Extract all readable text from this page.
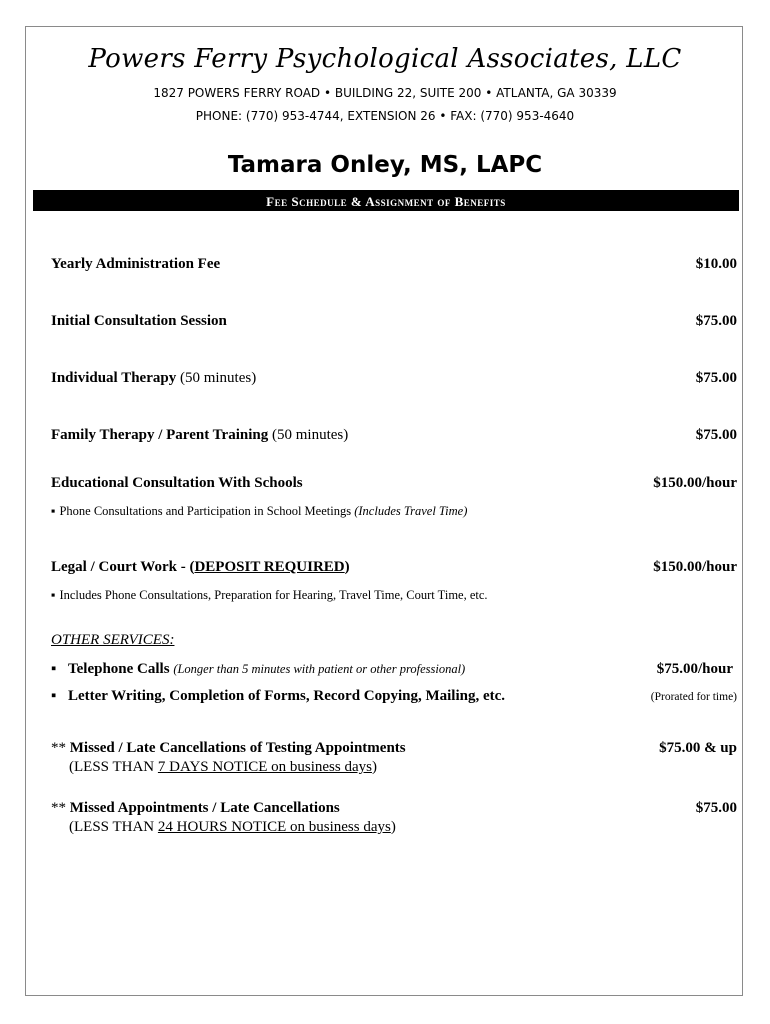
Powers Ferry Psychological Associates, LLC
1827 POWERS FERRY ROAD • BUILDING 22, SUITE 200 • ATLANTA, GA 30339
PHONE: (770) 953-4744, EXTENSION 26 • FAX: (770) 953-4640
Tamara Onley, MS, LAPC
Fee Schedule & Assignment of Benefits
Yearly Administration Fee	$10.00
Initial Consultation Session	$75.00
Individual Therapy (50 minutes)	$75.00
Family Therapy / Parent Training (50 minutes)	$75.00
Educational Consultation With Schools	$150.00/hour
▪ Phone Consultations and Participation in School Meetings (Includes Travel Time)
Legal / Court Work - (DEPOSIT REQUIRED)	$150.00/hour
▪ Includes Phone Consultations, Preparation for Hearing, Travel Time, Court Time, etc.
OTHER SERVICES:
▪ Telephone Calls (Longer than 5 minutes with patient or other professional)	$75.00/hour
▪ Letter Writing, Completion of Forms, Record Copying, Mailing, etc.	(Prorated for time)
** Missed / Late Cancellations of Testing Appointments	$75.00 & up
(LESS THAN 7 DAYS NOTICE on business days)
** Missed Appointments / Late Cancellations	$75.00
(LESS THAN 24 HOURS NOTICE on business days)
